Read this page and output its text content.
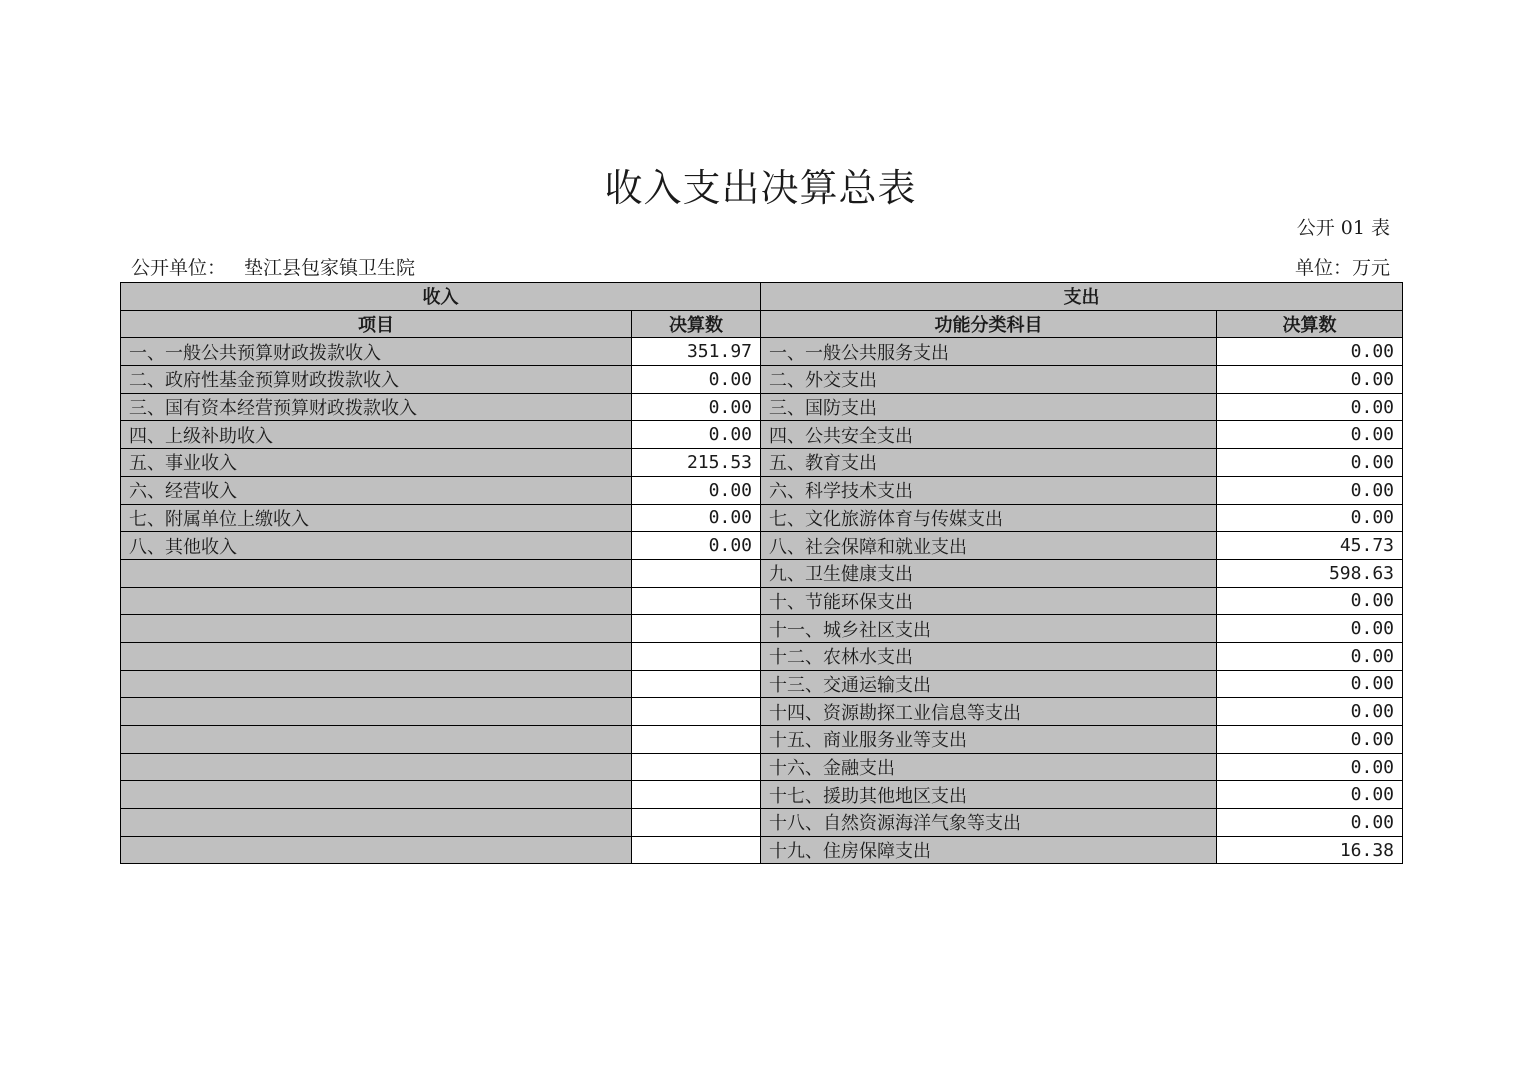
收入支出决算总表
公开 01 表
公开单位： 垫江县包家镇卫生院	单位：万元
收入		支出	
项目	决算数	功能分类科目	决算数
一、一般公共预算财政拨款收入	351.97	一、一般公共服务支出	0.00
二、政府性基金预算财政拨款收入	0.00	二、外交支出	0.00
三、国有资本经营预算财政拨款收入	0.00	三、国防支出	0.00
四、上级补助收入	0.00	四、公共安全支出	0.00
五、事业收入	215.53	五、教育支出	0.00
六、经营收入	0.00	六、科学技术支出	0.00
七、附属单位上缴收入	0.00	七、文化旅游体育与传媒支出	0.00
八、其他收入	0.00	八、社会保障和就业支出	45.73
		九、卫生健康支出	598.63
		十、节能环保支出	0.00
		十一、城乡社区支出	0.00
		十二、农林水支出	0.00
		十三、交通运输支出	0.00
		十四、资源勘探工业信息等支出	0.00
		十五、商业服务业等支出	0.00
		十六、金融支出	0.00
		十七、援助其他地区支出	0.00
		十八、自然资源海洋气象等支出	0.00
		十九、住房保障支出	16.38
